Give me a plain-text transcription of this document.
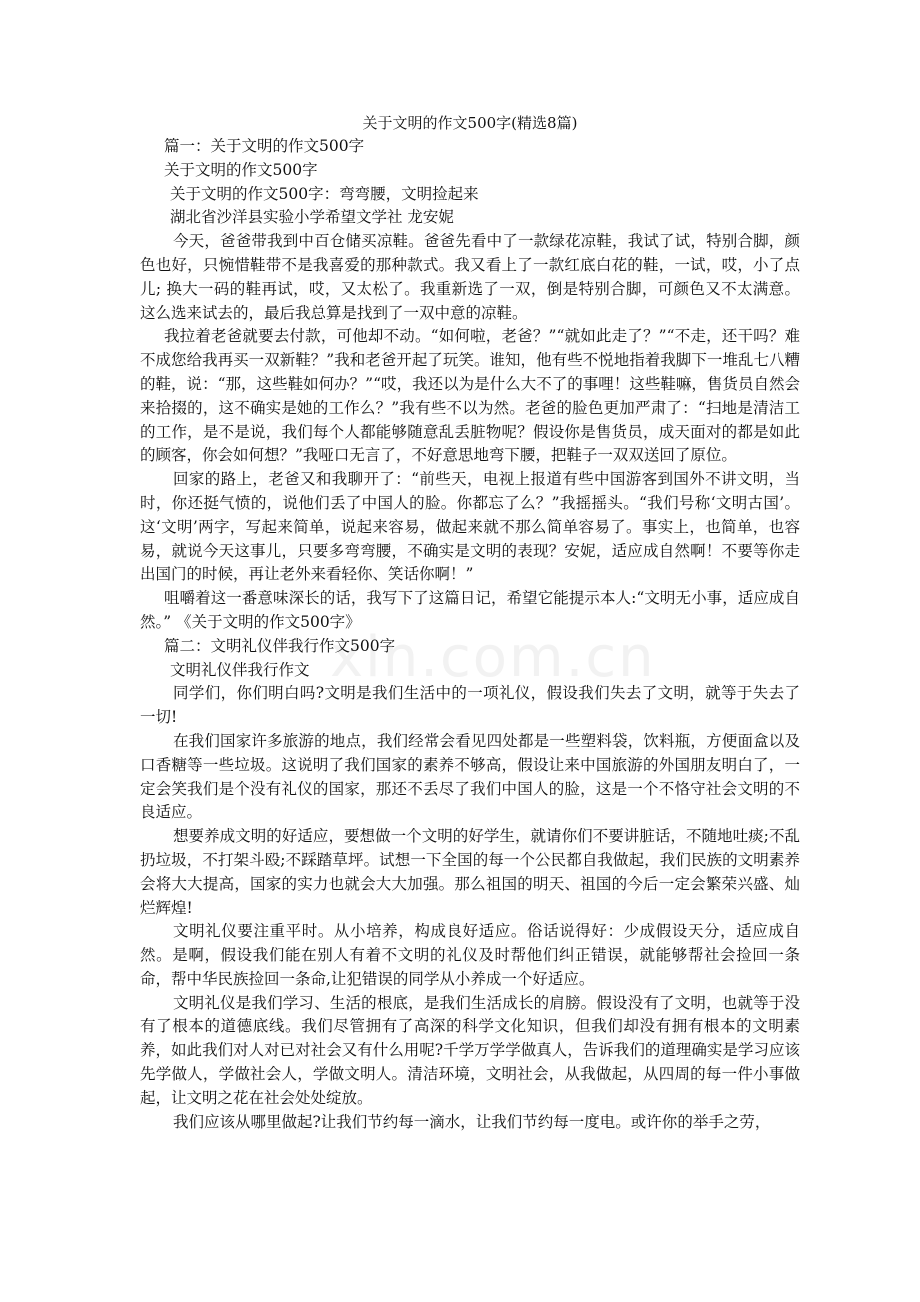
xin.com.cn
关于文明的作文500字(精选8篇)
篇一：关于文明的作文500字
关于文明的作文500字
关于文明的作文500字：弯弯腰，文明捡起来
湖北省沙洋县实验小学希望文学社 龙安妮

今天，爸爸带我到中百仓储买凉鞋。爸爸先看中了一款绿花凉鞋，我试了试，特别合脚，颜色也好，只惋惜鞋带不是我喜爱的那种款式。我又看上了一款红底白花的鞋，一试，哎，小了点儿; 换大一码的鞋再试，哎，又太松了。我重新选了一双，倒是特别合脚，可颜色又不太满意。这么选来试去的，最后我总算是找到了一双中意的凉鞋。

我拉着老爸就要去付款，可他却不动。“如何啦，老爸？”“就如此走了？”“不走，还干吗？难不成您给我再买一双新鞋？”我和老爸开起了玩笑。谁知，他有些不悦地指着我脚下一堆乱七八糟的鞋，说：“那，这些鞋如何办？”“哎，我还以为是什么大不了的事哩！这些鞋嘛，售货员自然会来拾掇的，这不确实是她的工作么？”我有些不以为然。老爸的脸色更加严肃了：“扫地是清洁工的工作，是不是说，我们每个人都能够随意乱丢脏物呢？假设你是售货员，成天面对的都是如此的顾客，你会如何想？”我哑口无言了，不好意思地弯下腰，把鞋子一双双送回了原位。

回家的路上，老爸又和我聊开了：“前些天，电视上报道有些中国游客到国外不讲文明，当时，你还挺气愤的，说他们丢了中国人的脸。你都忘了么？”我摇摇头。“我们号称‘文明古国’。这‘文明’两字，写起来简单，说起来容易，做起来就不那么简单容易了。事实上，也简单，也容易，就说今天这事儿，只要多弯弯腰，不确实是文明的表现？安妮，适应成自然啊！不要等你走出国门的时候，再让老外来看轻你、笑话你啊！”

咀嚼着这一番意味深长的话，我写下了这篇日记，希望它能提示本人:“文明无小事，适应成自然。” 《关于文明的作文500字》

篇二：文明礼仪伴我行作文500字
文明礼仪伴我行作文

同学们，你们明白吗?文明是我们生活中的一项礼仪，假设我们失去了文明，就等于失去了一切!

在我们国家许多旅游的地点，我们经常会看见四处都是一些塑料袋，饮料瓶，方便面盒以及口香糖等一些垃圾。这说明了我们国家的素养不够高，假设让来中国旅游的外国朋友明白了，一定会笑我们是个没有礼仪的国家，那还不丢尽了我们中国人的脸，这是一个不恪守社会文明的不良适应。

想要养成文明的好适应，要想做一个文明的好学生，就请你们不要讲脏话，不随地吐痰;不乱扔垃圾，不打架斗殴;不踩踏草坪。试想一下全国的每一个公民都自我做起，我们民族的文明素养会将大大提高，国家的实力也就会大大加强。那么祖国的明天、祖国的今后一定会繁荣兴盛、灿烂辉煌!

文明礼仪要注重平时。从小培养，构成良好适应。俗话说得好：少成假设天分，适应成自然。是啊，假设我们能在别人有着不文明的礼仪及时帮他们纠正错误，就能够帮社会捡回一条命，帮中华民族捡回一条命,让犯错误的同学从小养成一个好适应。

文明礼仪是我们学习、生活的根底，是我们生活成长的肩膀。假设没有了文明，也就等于没有了根本的道德底线。我们尽管拥有了高深的科学文化知识，但我们却没有拥有根本的文明素养，如此我们对人对已对社会又有什么用呢?千学万学学做真人，告诉我们的道理确实是学习应该先学做人，学做社会人，学做文明人。清洁环境，文明社会，从我做起，从四周的每一件小事做起，让文明之花在社会处处绽放。

我们应该从哪里做起?让我们节约每一滴水，让我们节约每一度电。或许你的举手之劳，
